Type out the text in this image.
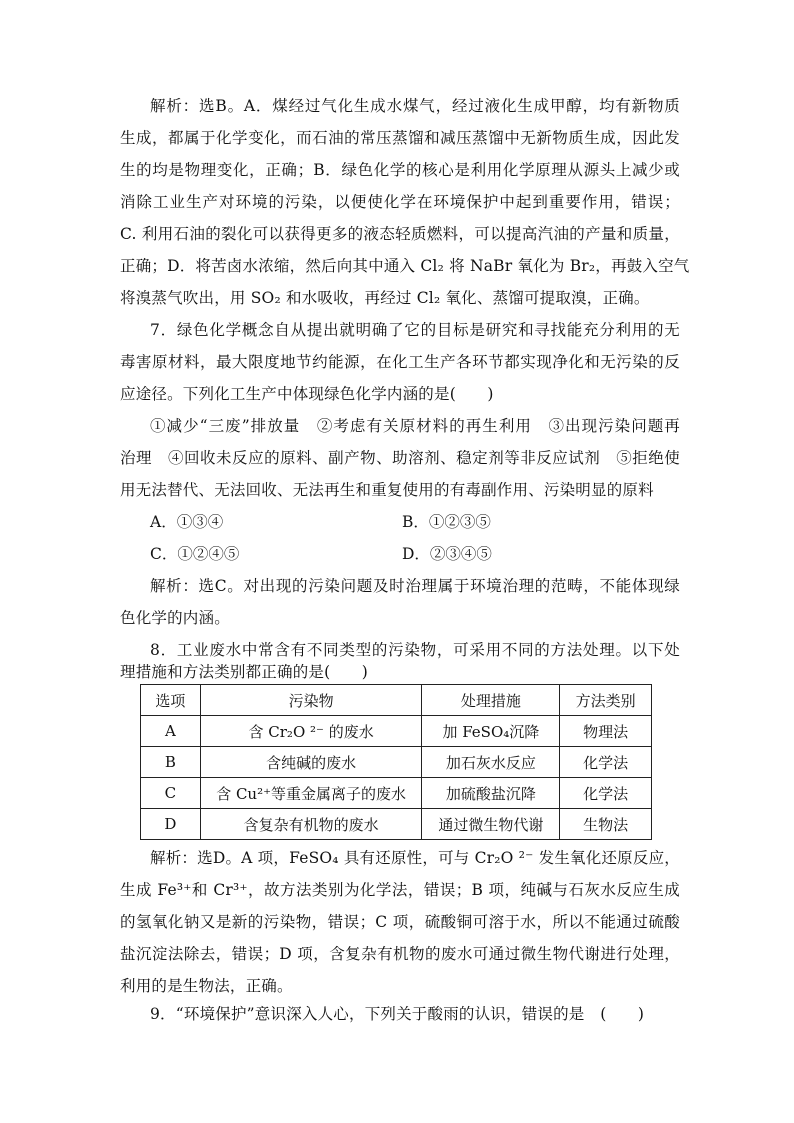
解析：选B。A．煤经过气化生成水煤气，经过液化生成甲醇，均有新物质
生成，都属于化学变化，而石油的常压蒸馏和减压蒸馏中无新物质生成，因此发
生的均是物理变化，正确；B．绿色化学的核心是利用化学原理从源头上减少或
消除工业生产对环境的污染，以便使化学在环境保护中起到重要作用，错误；
C. 利用石油的裂化可以获得更多的液态轻质燃料，可以提高汽油的产量和质量，
正确；D．将苦卤水浓缩，然后向其中通入 Cl₂ 将 NaBr 氧化为 Br₂，再鼓入空气
将溴蒸气吹出，用 SO₂ 和水吸收，再经过 Cl₂ 氧化、蒸馏可提取溴，正确。
7．绿色化学概念自从提出就明确了它的目标是研究和寻找能充分利用的无
毒害原材料，最大限度地节约能源，在化工生产各环节都实现净化和无污染的反
应途径。下列化工生产中体现绿色化学内涵的是(　　)
①减少“三废”排放量　②考虑有关原材料的再生利用　③出现污染问题再
治理　④回收未反应的原料、副产物、助溶剂、稳定剂等非反应试剂　⑤拒绝使
用无法替代、无法回收、无法再生和重复使用的有毒副作用、污染明显的原料
A．①③④	B．①②③⑤
C．①②④⑤	D．②③④⑤
解析：选C。对出现的污染问题及时治理属于环境治理的范畴，不能体现绿
色化学的内涵。
8．工业废水中常含有不同类型的污染物，可采用不同的方法处理。以下处
理措施和方法类别都正确的是(　　)
解析：选D。A 项，FeSO₄ 具有还原性，可与 Cr₂O ²⁻ 发生氧化还原反应，
生成 Fe³⁺和 Cr³⁺，故方法类别为化学法，错误；B 项，纯碱与石灰水反应生成
的氢氧化钠又是新的污染物，错误；C 项，硫酸铜可溶于水，所以不能通过硫酸
盐沉淀法除去，错误；D 项，含复杂有机物的废水可通过微生物代谢进行处理，
利用的是生物法，正确。
9．“环境保护”意识深入人心，下列关于酸雨的认识，错误的是　(　　)
选项	污染物	处理措施	方法类别
A	含 Cr₂O ²⁻ 的废水	加 FeSO₄沉降	物理法
B	含纯碱的废水	加石灰水反应	化学法
C	含 Cu²⁺等重金属离子的废水	加硫酸盐沉降	化学法
D	含复杂有机物的废水	通过微生物代谢	生物法
